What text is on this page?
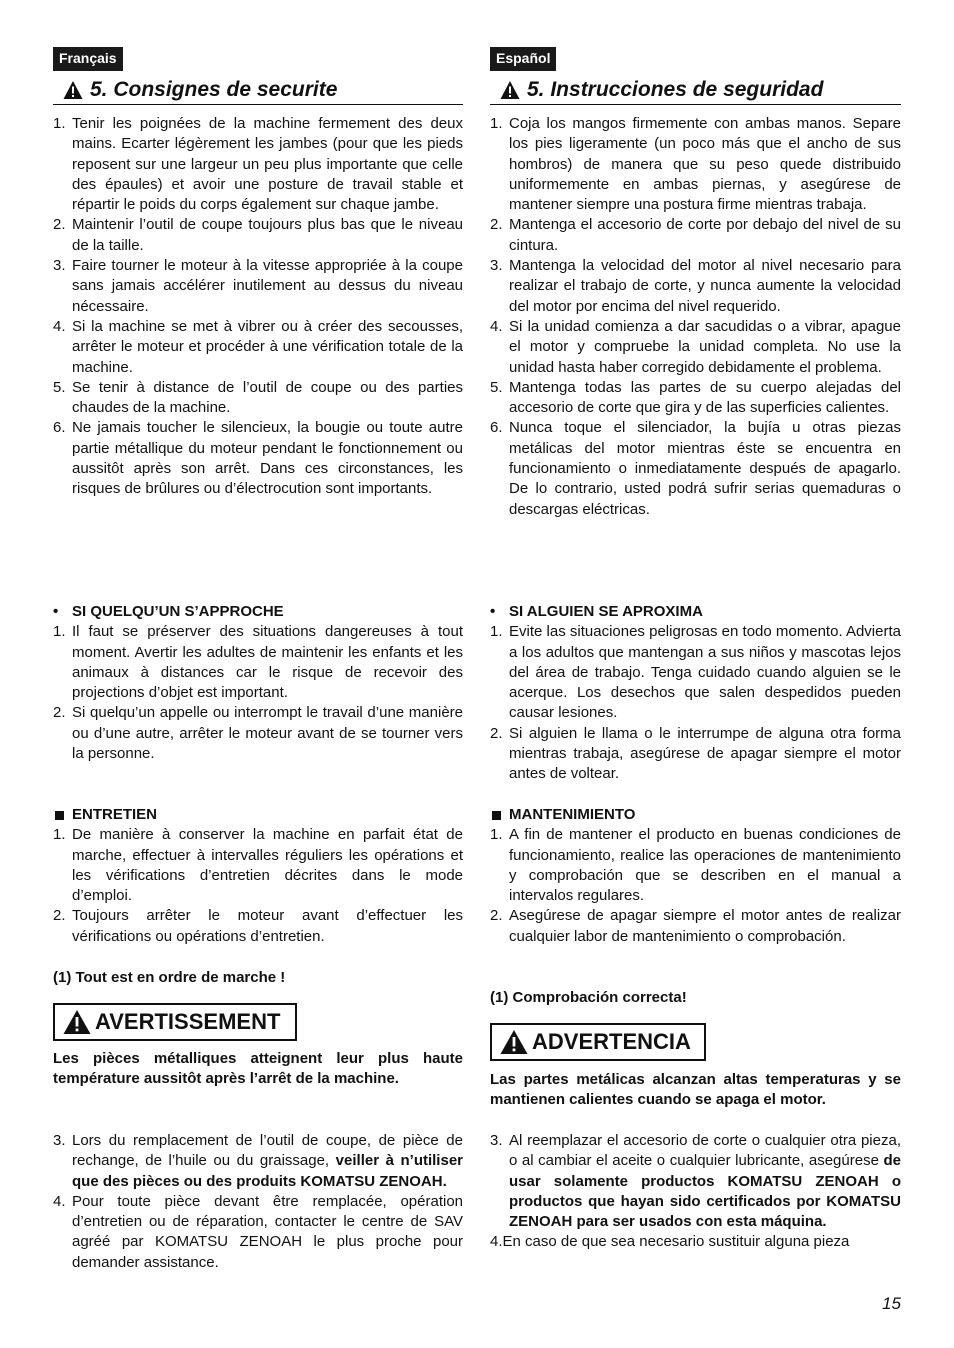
Français
5. Consignes de securite
1. Tenir les poignées de la machine fermement des deux mains. Ecarter légèrement les jambes (pour que les pieds reposent sur une largeur un peu plus importante que celle des épaules) et avoir une posture de travail stable et répartir le poids du corps également sur chaque jambe.
2. Maintenir l’outil de coupe toujours plus bas que le niveau de la taille.
3. Faire tourner le moteur à la vitesse appropriée à la coupe sans jamais accélérer inutilement au dessus du niveau nécessaire.
4. Si la machine se met à vibrer ou à créer des secousses, arrêter le moteur et procéder à une vérification totale de la machine.
5. Se tenir à distance de l’outil de coupe ou des parties chaudes de la machine.
6. Ne jamais toucher le silencieux, la bougie ou toute autre partie métallique du moteur pendant le fonctionnement ou aussitôt après son arrêt. Dans ces circonstances, les risques de brûlures ou d’électrocution sont importants.
• SI QUELQU’UN S’APPROCHE
1. Il faut se préserver des situations dangereuses à tout moment. Avertir les adultes de maintenir les enfants et les animaux à distances car le risque de recevoir des projections d’objet est important.
2. Si quelqu’un appelle ou interrompt le travail d’une manière ou d’une autre, arrêter le moteur avant de se tourner vers la personne.
ENTRETIEN
1. De manière à conserver la machine en parfait état de marche, effectuer à intervalles réguliers les opérations et les vérifications d’entretien décrites dans le mode d’emploi.
2. Toujours arrêter le moteur avant d’effectuer les vérifications ou opérations d’entretien.
(1) Tout est en ordre de marche !
AVERTISSEMENT
Les pièces métalliques atteignent leur plus haute température aussitôt après l’arrêt de la machine.
3. Lors du remplacement de l’outil de coupe, de pièce de rechange, de l’huile ou du graissage, veiller à n’utiliser que des pièces ou des produits KOMATSU ZENOAH.
4. Pour toute pièce devant être remplacée, opération d’entretien ou de réparation, contacter le centre de SAV agréé par KOMATSU ZENOAH le plus proche pour demander assistance.
Español
5. Instrucciones de seguridad
1. Coja los mangos firmemente con ambas manos. Separe los pies ligeramente (un poco más que el ancho de sus hombros) de manera que su peso quede distribuido uniformemente en ambas piernas, y asegúrese de mantener siempre una postura firme mientras trabaja.
2. Mantenga el accesorio de corte por debajo del nivel de su cintura.
3. Mantenga la velocidad del motor al nivel necesario para realizar el trabajo de corte, y nunca aumente la velocidad del motor por encima del nivel requerido.
4. Si la unidad comienza a dar sacudidas o a vibrar, apague el motor y compruebe la unidad completa. No use la unidad hasta haber corregido debidamente el problema.
5. Mantenga todas las partes de su cuerpo alejadas del accesorio de corte que gira y de las superficies calientes.
6. Nunca toque el silenciador, la bujía u otras piezas metálicas del motor mientras éste se encuentra en funcionamiento o inmediatamente después de apagarlo. De lo contrario, usted podrá sufrir serias quemaduras o descargas eléctricas.
• SI ALGUIEN SE APROXIMA
1. Evite las situaciones peligrosas en todo momento. Advierta a los adultos que mantengan a sus niños y mascotas lejos del área de trabajo. Tenga cuidado cuando alguien se le acerque. Los desechos que salen despedidos pueden causar lesiones.
2. Si alguien le llama o le interrumpe de alguna otra forma mientras trabaja, asegúrese de apagar siempre el motor antes de voltear.
MANTENIMIENTO
1. A fin de mantener el producto en buenas condiciones de funcionamiento, realice las operaciones de mantenimiento y comprobación que se describen en el manual a intervalos regulares.
2. Asegúrese de apagar siempre el motor antes de realizar cualquier labor de mantenimiento o comprobación.
(1) Comprobación correcta!
ADVERTENCIA
Las partes metálicas alcanzan altas temperaturas y se mantienen calientes cuando se apaga el motor.
3. Al reemplazar el accesorio de corte o cualquier otra pieza, o al cambiar el aceite o cualquier lubricante, asegúrese de usar solamente productos KOMATSU ZENOAH o productos que hayan sido certificados por KOMATSU ZENOAH para ser usados con esta máquina.
4.En caso de que sea necesario sustituir alguna pieza
15
